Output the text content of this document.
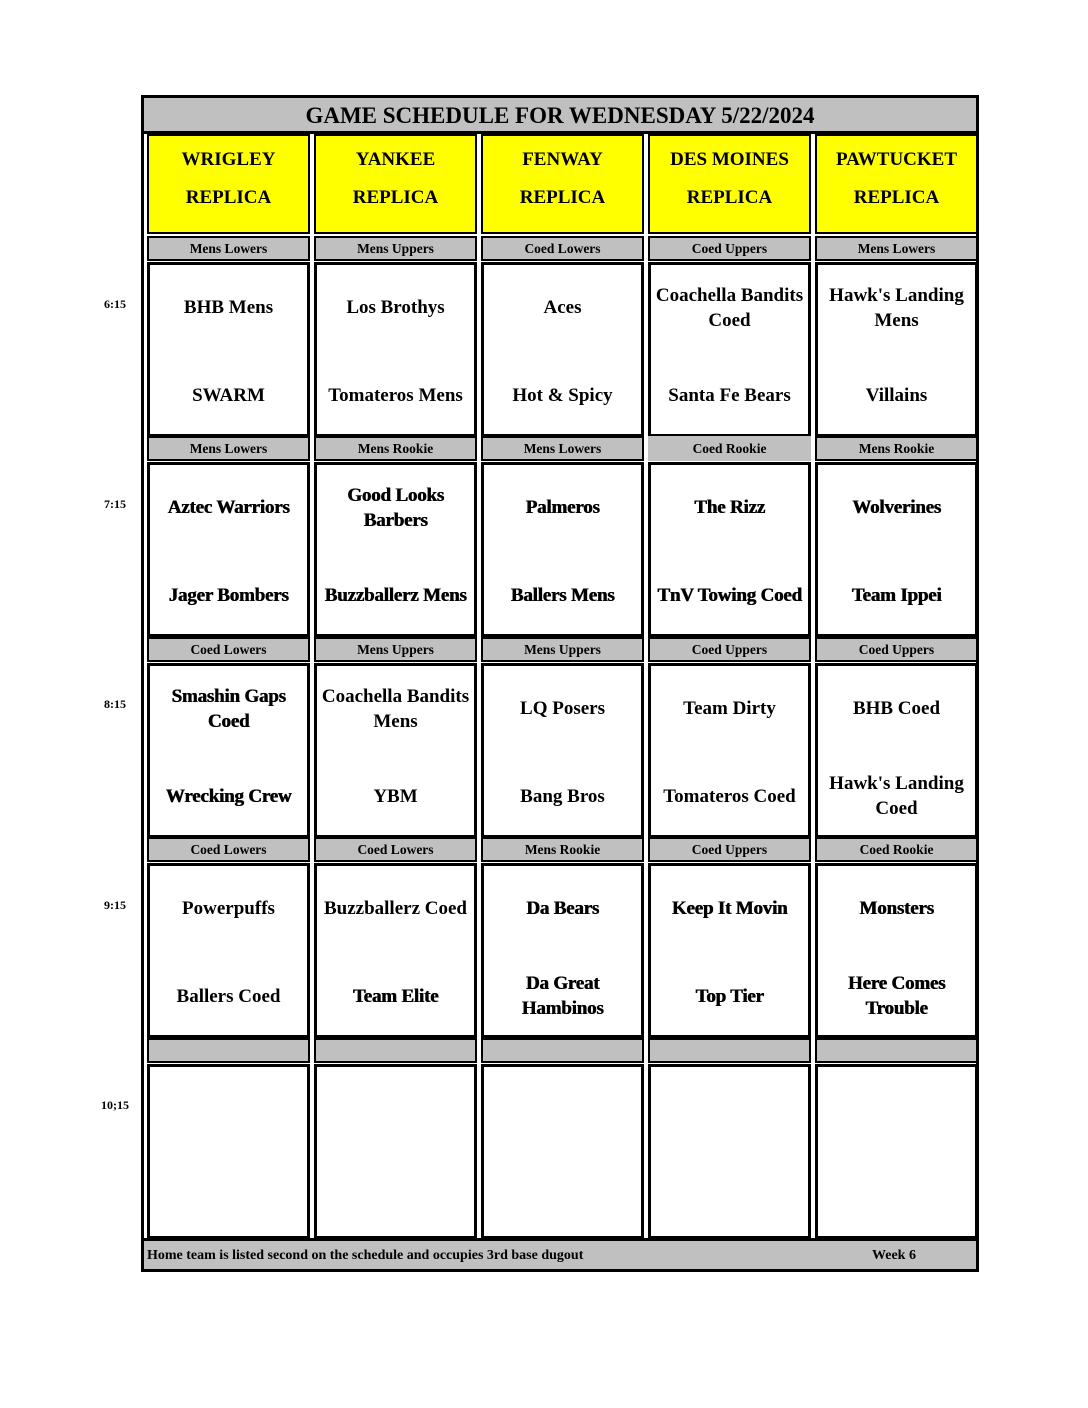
GAME SCHEDULE FOR WEDNESDAY 5/22/2024
WRIGLEY
REPLICA
YANKEE
REPLICA
FENWAY
REPLICA
DES MOINES
REPLICA
PAWTUCKET
REPLICA
Mens Lowers
BHB Mens
SWARM
Mens Uppers
Los Brothys
Tomateros Mens
Coed Lowers
Aces
Hot & Spicy
Coed Uppers
Coachella Bandits Coed
Santa Fe Bears
Mens Lowers
Hawk's Landing Mens
Villains
Mens Lowers
Aztec Warriors
Jager Bombers
Mens Rookie
Good Looks Barbers
Buzzballerz Mens
Mens Lowers
Palmeros
Ballers Mens
Coed Rookie
The Rizz
TnV Towing Coed
Mens Rookie
Wolverines
Team Ippei
Coed Lowers
Smashin Gaps Coed
Wrecking Crew
Mens Uppers
Coachella Bandits Mens
YBM
Mens Uppers
LQ Posers
Bang Bros
Coed Uppers
Team Dirty
Tomateros Coed
Coed Uppers
BHB Coed
Hawk's Landing Coed
Coed Lowers
Powerpuffs
Ballers Coed
Coed Lowers
Buzzballerz Coed
Team Elite
Mens Rookie
Da Bears
Da Great Hambinos
Coed Uppers
Keep It Movin
Top Tier
Coed Rookie
Monsters
Here Comes Trouble
Home team is listed second on the schedule and occupies 3rd base dugout	Week 6
6:15
7:15
8:15
9:15
10;15
